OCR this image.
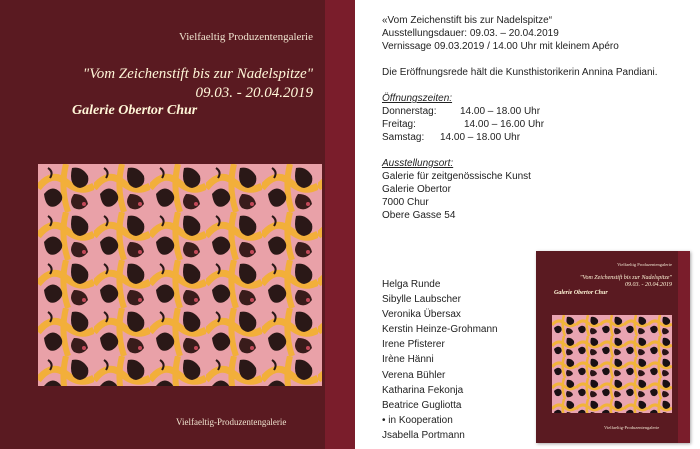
Vielfaeltig Produzentengalerie
"Vom Zeichenstift bis zur Nadelspitze"
09.03. - 20.04.2019
Galerie Obertor Chur
Vielfaeltig-Produzentengalerie

«Vom Zeichenstift bis zur Nadelspitze“

Ausstellungsdauer: 09.03. – 20.04.2019

Vernissage 09.03.2019 / 14.00 Uhr mit kleinem Apéro

Die Eröffnungsrede hält die Kunsthistorikerin Annina Pandiani.

Öffnungszeiten:

Donnerstag:	14.00 – 18.00 Uhr
Freitag:	14.00 – 16.00 Uhr
Samstag:	14.00 – 18.00 Uhr

Ausstellungsort:

Galerie für zeitgenössische Kunst

Galerie Obertor

7000 Chur

Obere Gasse 54

Helga Runde

Sibylle Laubscher

Veronika Übersax

Kerstin Heinze-Grohmann

Irene Pfisterer

Irène Hänni

Verena Bühler

Katharina Fekonja

Beatrice Gugliotta

• in Kooperation

Jsabella Portmann

Vielfaeltig Produzentengalerie
"Vom Zeichenstift bis zur Nadelspitze"
09.03. - 20.04.2019
Galerie Obertor Chur
Vielfaeltig-Produzentengalerie
